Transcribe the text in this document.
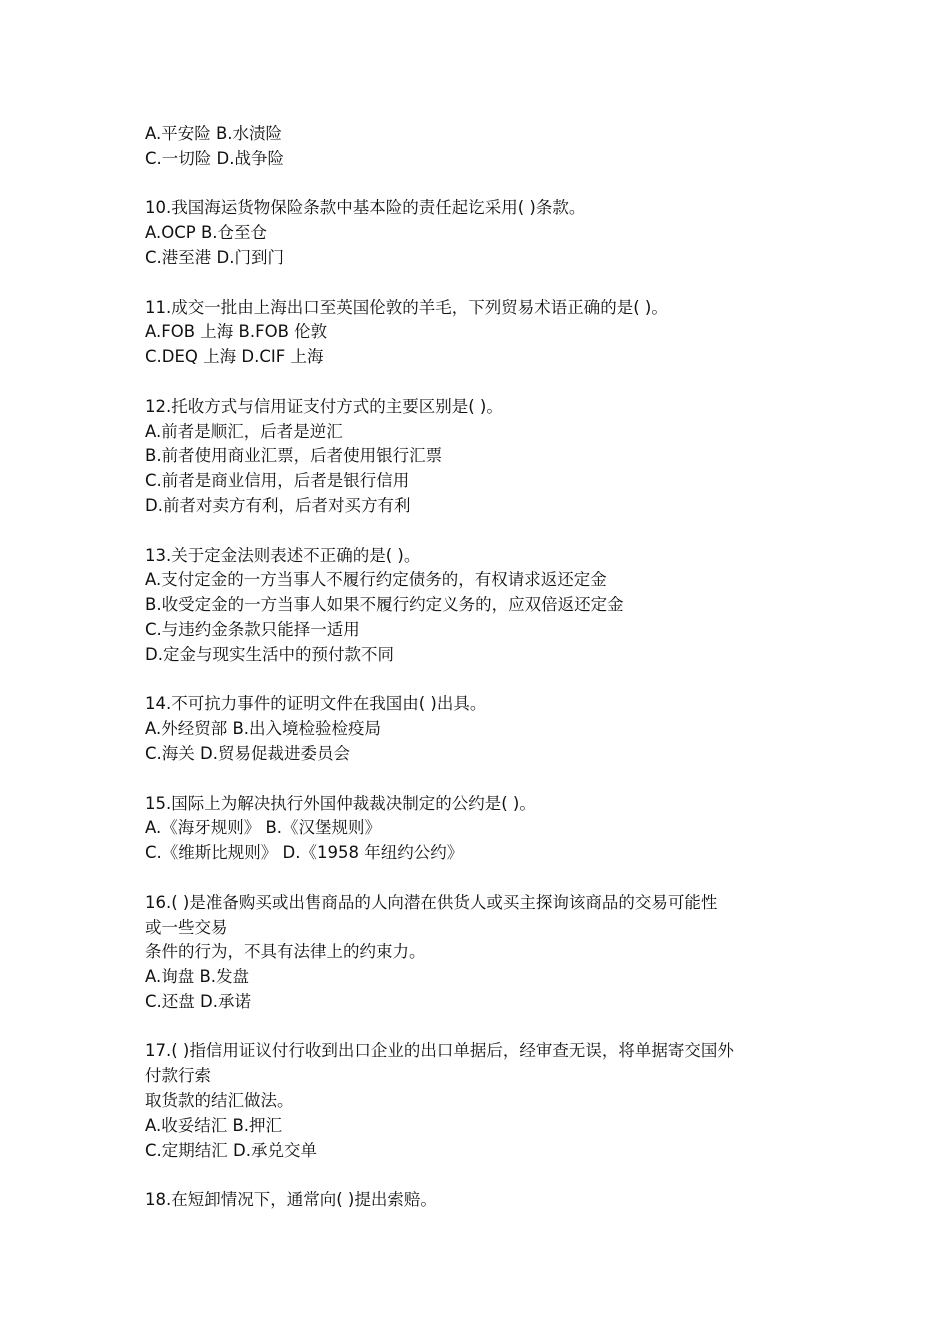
A.平安险 B.水渍险
C.一切险 D.战争险
10.我国海运货物保险条款中基本险的责任起讫采用( )条款。
A.OCP B.仓至仓
C.港至港 D.门到门
11.成交一批由上海出口至英国伦敦的羊毛，下列贸易术语正确的是( )。
A.FOB 上海 B.FOB 伦敦
C.DEQ 上海 D.CIF 上海
12.托收方式与信用证支付方式的主要区别是( )。
A.前者是顺汇，后者是逆汇
B.前者使用商业汇票，后者使用银行汇票
C.前者是商业信用，后者是银行信用
D.前者对卖方有利，后者对买方有利
13.关于定金法则表述不正确的是( )。
A.支付定金的一方当事人不履行约定债务的，有权请求返还定金
B.收受定金的一方当事人如果不履行约定义务的，应双倍返还定金
C.与违约金条款只能择一适用
D.定金与现实生活中的预付款不同
14.不可抗力事件的证明文件在我国由( )出具。
A.外经贸部 B.出入境检验检疫局
C.海关 D.贸易促裁进委员会
15.国际上为解决执行外国仲裁裁决制定的公约是( )。
A.《海牙规则》 B.《汉堡规则》
C.《维斯比规则》 D.《1958 年纽约公约》
16.( )是准备购买或出售商品的人向潜在供货人或买主探询该商品的交易可能性
或一些交易
条件的行为，不具有法律上的约束力。
A.询盘 B.发盘
C.还盘 D.承诺
17.( )指信用证议付行收到出口企业的出口单据后，经审查无误，将单据寄交国外
付款行索
取货款的结汇做法。
A.收妥结汇 B.押汇
C.定期结汇 D.承兑交单
18.在短卸情况下，通常向( )提出索赔。
